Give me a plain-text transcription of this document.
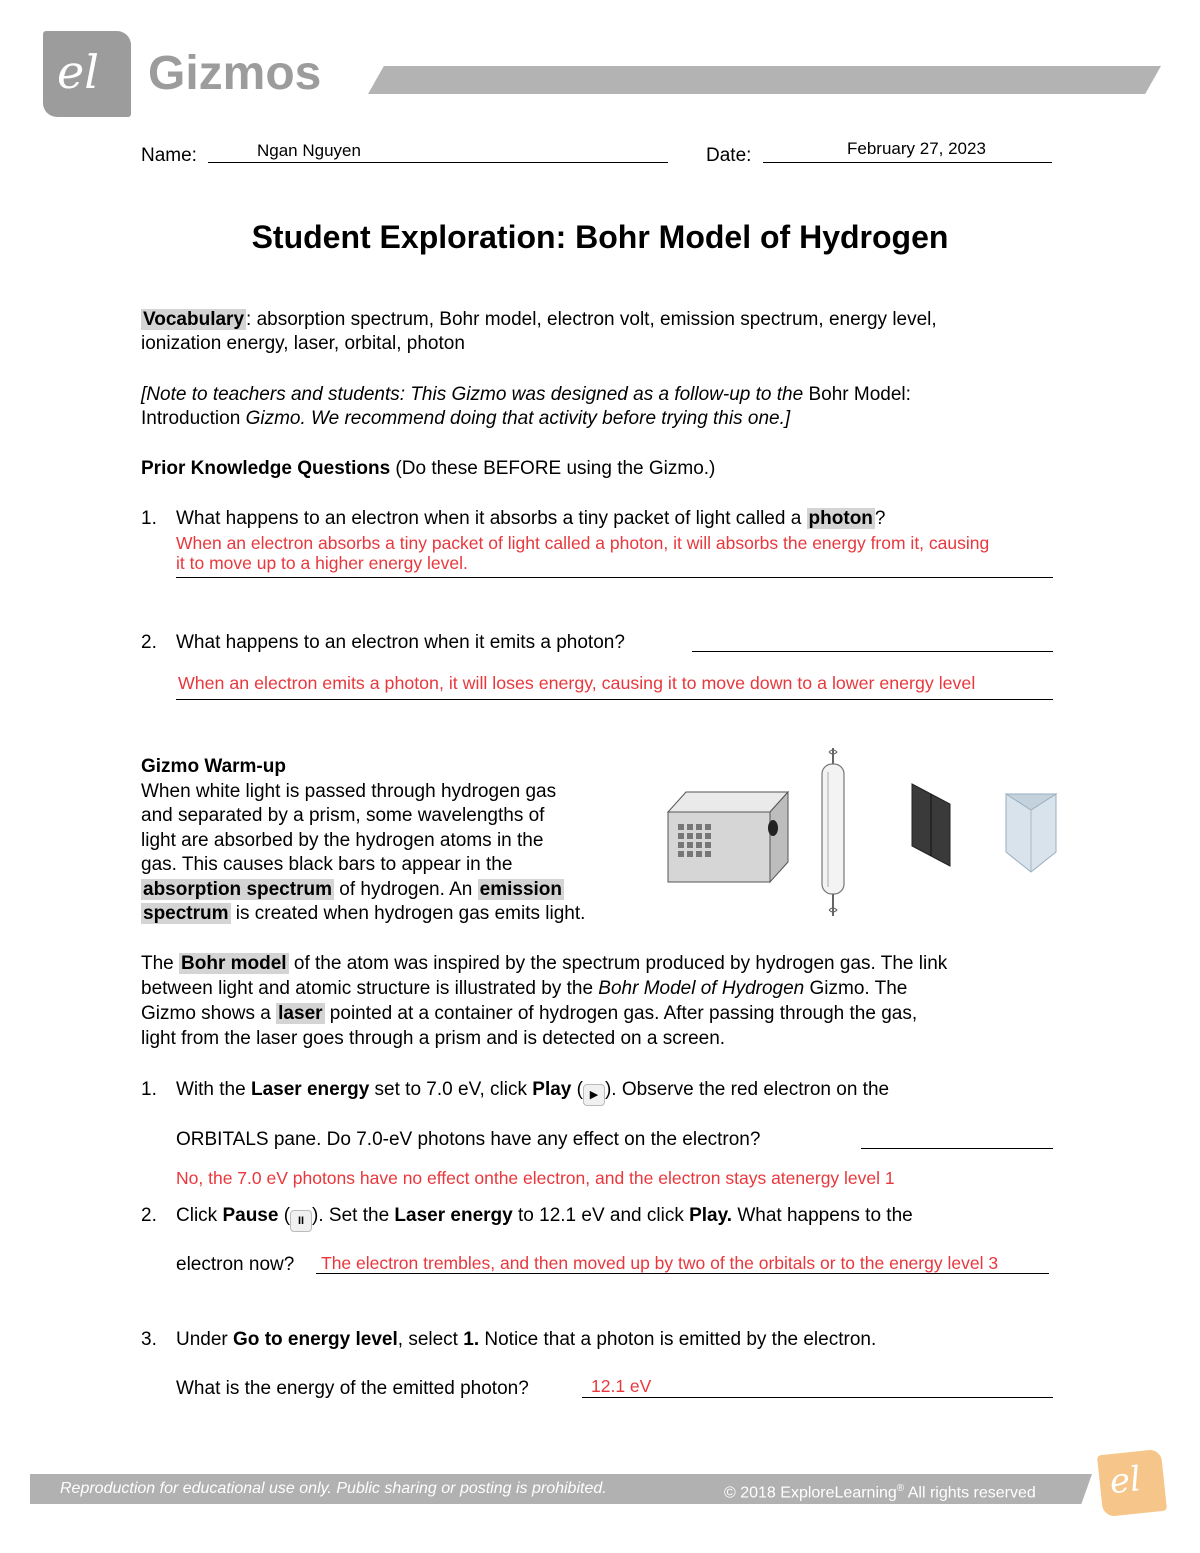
el Gizmos
Name:	Ngan Nguyen	Date:	February 27, 2023
Student Exploration: Bohr Model of Hydrogen
Vocabulary : absorption spectrum, Bohr model, electron volt, emission spectrum, energy level,
ionization energy, laser, orbital, photon
[Note to teachers and students: This Gizmo was designed as a follow-up to the Bohr Model:
Introduction Gizmo. We recommend doing that activity before trying this one.]
Prior Knowledge Questions (Do these BEFORE using the Gizmo.)
1.	What happens to an electron when it absorbs a tiny packet of light called a photon ?
When an electron absorbs a tiny packet of light called a photon, it will absorbs the energy from it, causing
it to move up to a higher energy level.
2.	What happens to an electron when it emits a photon?
When an electron emits a photon, it will loses energy, causing it to move down to a lower energy level
Gizmo Warm-up
When white light is passed through hydrogen gas
and separated by a prism, some wavelengths of
light are absorbed by the hydrogen atoms in the
gas. This causes black bars to appear in the
absorption spectrum of hydrogen. An emission
spectrum is created when hydrogen gas emits light.
The Bohr model of the atom was inspired by the spectrum produced by hydrogen gas. The link
between light and atomic structure is illustrated by the Bohr Model of Hydrogen Gizmo. The
Gizmo shows a laser pointed at a container of hydrogen gas. After passing through the gas,
light from the laser goes through a prism and is detected on a screen.
1.	With the Laser energy set to 7.0 eV, click Play ( ▶ ). Observe the red electron on the
ORBITALS pane. Do 7.0-eV photons have any effect on the electron?
No, the 7.0 eV photons have no effect onthe electron, and the electron stays atenergy level 1
2.	Click Pause ( II ). Set the Laser energy to 12.1 eV and click Play. What happens to the
electron now? The electron trembles, and then moved up by two of the orbitals or to the energy level 3
3.	Under Go to energy level, select 1. Notice that a photon is emitted by the electron.
What is the energy of the emitted photon?	12.1 eV
Reproduction for educational use only. Public sharing or posting is prohibited.	© 2018 ExploreLearning® All rights reserved el
